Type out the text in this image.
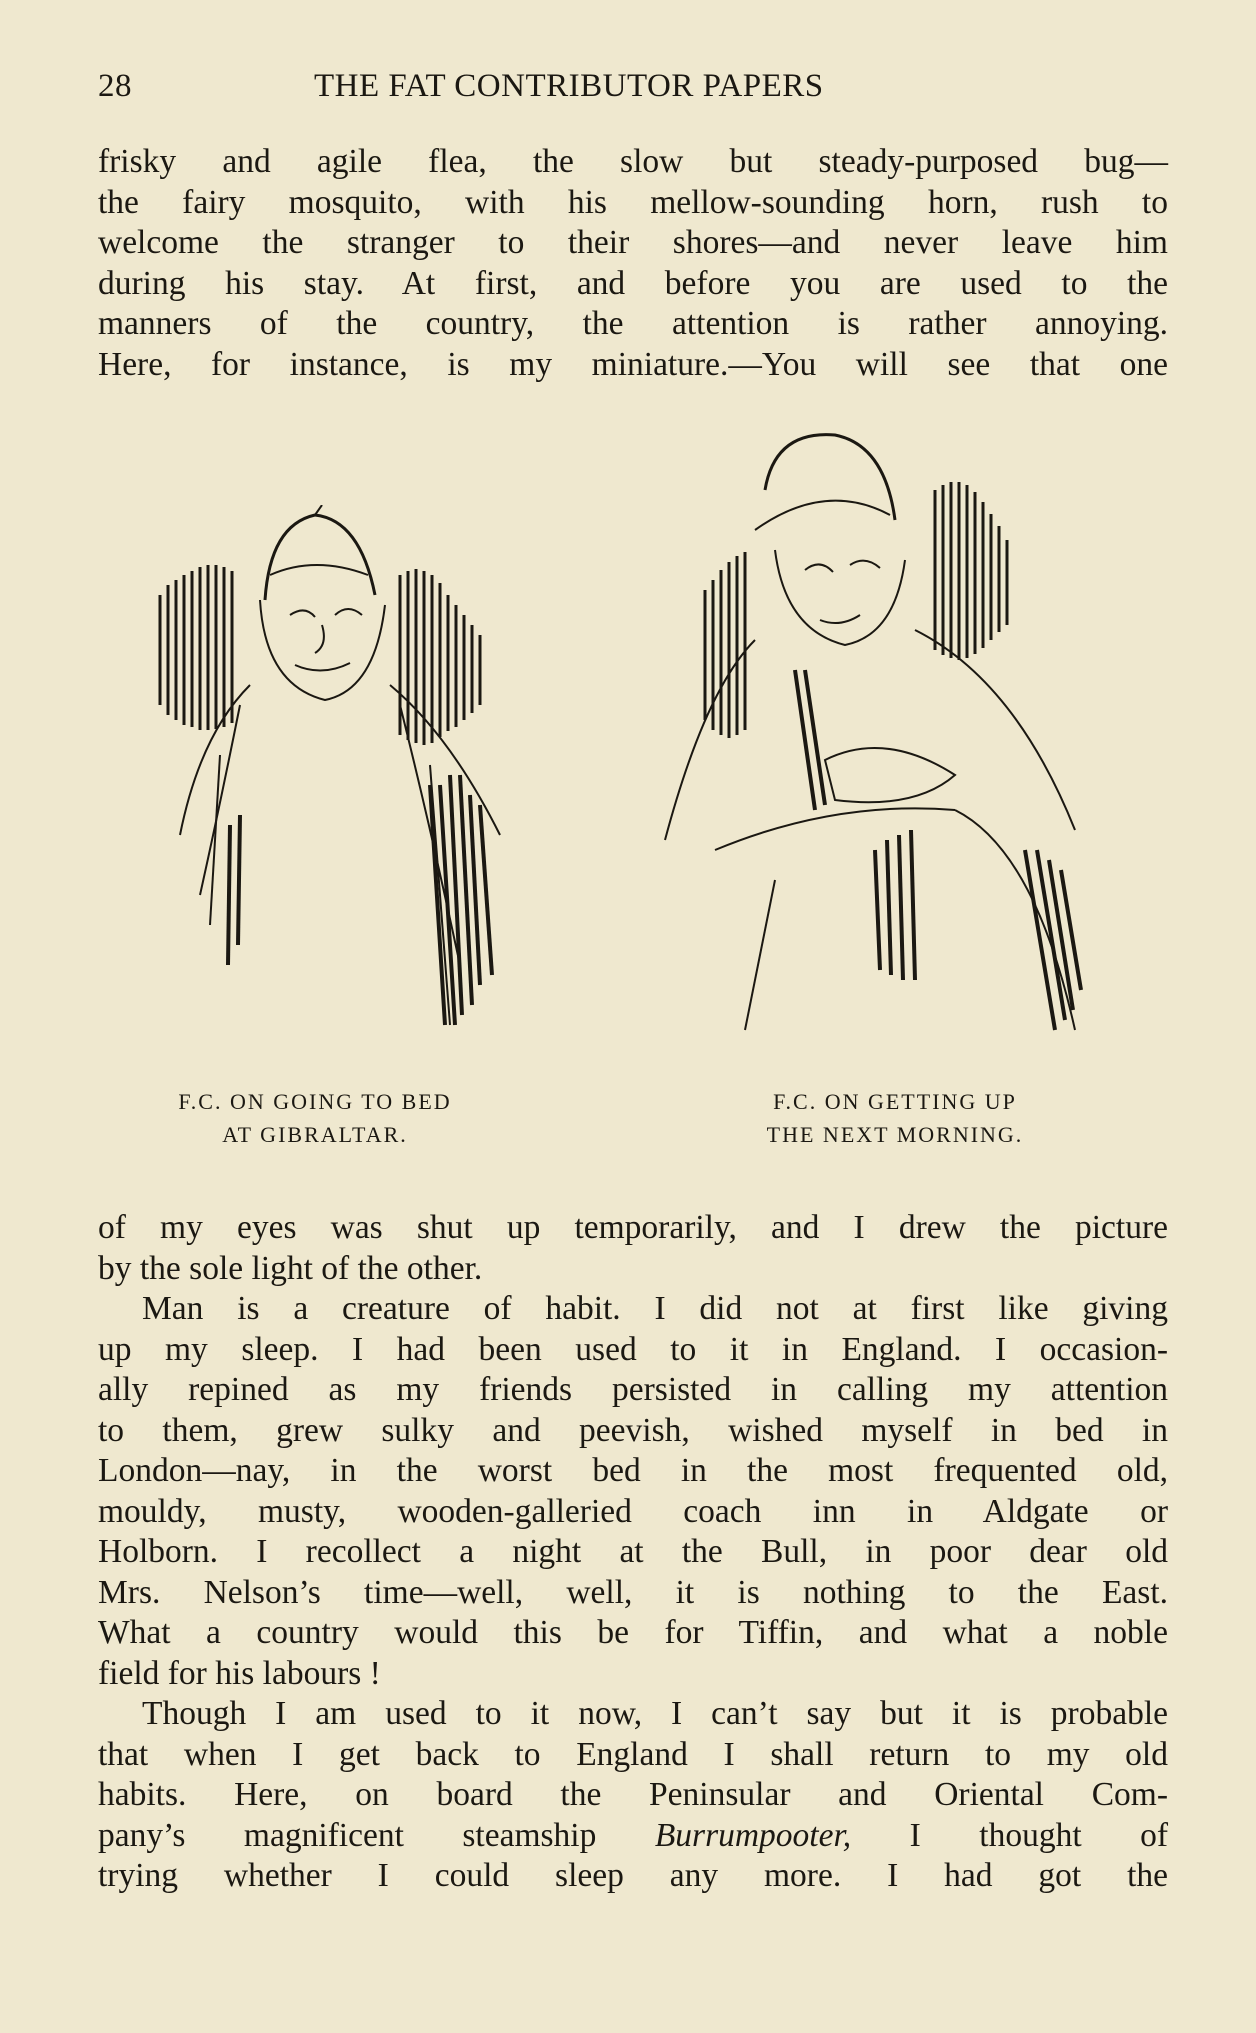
28	THE FAT CONTRIBUTOR PAPERS

frisky and agile flea, the slow but steady-purposed bug—

the fairy mosquito, with his mellow-sounding horn, rush to

welcome the stranger to their shores—and never leave him

during his stay. At first, and before you are used to the

manners of the country, the attention is rather annoying.

Here, for instance, is my miniature.—You will see that one

F.C. ON GOING TO BED
AT GIBRALTAR.
F.C. ON GETTING UP
THE NEXT MORNING.

of my eyes was shut up temporarily, and I drew the picture

by the sole light of the other.

Man is a creature of habit. I did not at first like giving

up my sleep. I had been used to it in England. I occasion-

ally repined as my friends persisted in calling my attention

to them, grew sulky and peevish, wished myself in bed in

London—nay, in the worst bed in the most frequented old,

mouldy, musty, wooden-galleried coach inn in Aldgate or

Holborn. I recollect a night at the Bull, in poor dear old

Mrs. Nelson’s time—well, well, it is nothing to the East.

What a country would this be for Tiffin, and what a noble

field for his labours !

Though I am used to it now, I can’t say but it is probable

that when I get back to England I shall return to my old

habits. Here, on board the Peninsular and Oriental Com-

pany’s magnificent steamship Burrumpooter, I thought of

trying whether I could sleep any more. I had got the
